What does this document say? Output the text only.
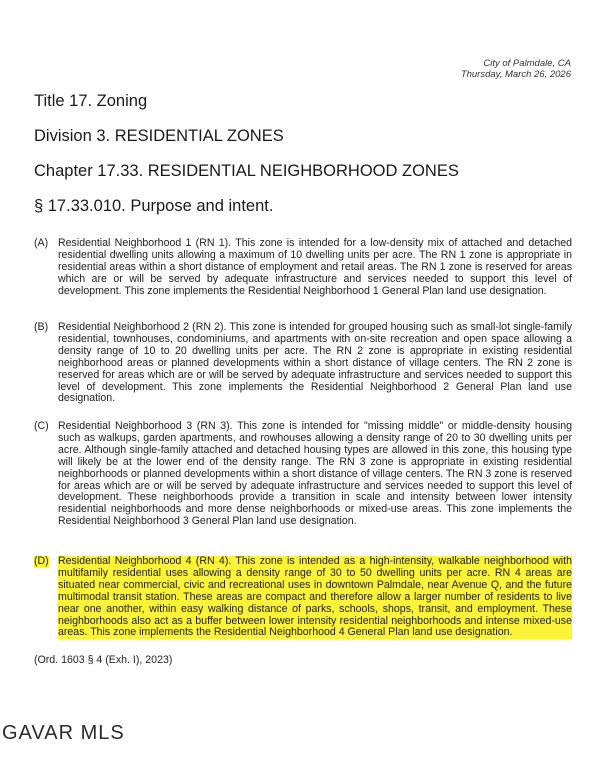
City of Palmdale, CA
Thursday, March 26, 2026
Title 17. Zoning
Division 3. RESIDENTIAL ZONES
Chapter 17.33. RESIDENTIAL NEIGHBORHOOD ZONES
§ 17.33.010. Purpose and intent.
(A) Residential Neighborhood 1 (RN 1). This zone is intended for a low-density mix of attached and detached residential dwelling units allowing a maximum of 10 dwelling units per acre. The RN 1 zone is appropriate in residential areas within a short distance of employment and retail areas. The RN 1 zone is reserved for areas which are or will be served by adequate infrastructure and services needed to support this level of development. This zone implements the Residential Neighborhood 1 General Plan land use designation.
(B) Residential Neighborhood 2 (RN 2). This zone is intended for grouped housing such as small-lot single-family residential, townhouses, condominiums, and apartments with on-site recreation and open space allowing a density range of 10 to 20 dwelling units per acre. The RN 2 zone is appropriate in existing residential neighborhood areas or planned developments within a short distance of village centers. The RN 2 zone is reserved for areas which are or will be served by adequate infrastructure and services needed to support this level of development. This zone implements the Residential Neighborhood 2 General Plan land use designation.
(C) Residential Neighborhood 3 (RN 3). This zone is intended for "missing middle" or middle-density housing such as walkups, garden apartments, and rowhouses allowing a density range of 20 to 30 dwelling units per acre. Although single-family attached and detached housing types are allowed in this zone, this housing type will likely be at the lower end of the density range. The RN 3 zone is appropriate in existing residential neighborhoods or planned developments within a short distance of village centers. The RN 3 zone is reserved for areas which are or will be served by adequate infrastructure and services needed to support this level of development. These neighborhoods provide a transition in scale and intensity between lower intensity residential neighborhoods and more dense neighborhoods or mixed-use areas. This zone implements the Residential Neighborhood 3 General Plan land use designation.
(D) Residential Neighborhood 4 (RN 4). This zone is intended as a high-intensity, walkable neighborhood with multifamily residential uses allowing a density range of 30 to 50 dwelling units per acre. RN 4 areas are situated near commercial, civic and recreational uses in downtown Palmdale, near Avenue Q, and the future multimodal transit station. These areas are compact and therefore allow a larger number of residents to live near one another, within easy walking distance of parks, schools, shops, transit, and employment. These neighborhoods also act as a buffer between lower intensity residential neighborhoods and intense mixed-use areas. This zone implements the Residential Neighborhood 4 General Plan land use designation.
(Ord. 1603 § 4 (Exh. I), 2023)
GAVAR MLS
